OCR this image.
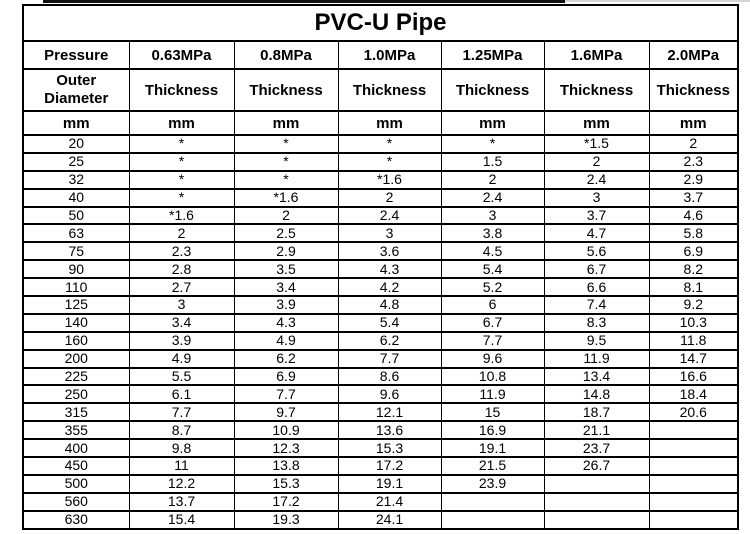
PVC-U Pipe						
Pressure	0.63MPa	0.8MPa	1.0MPa	1.25MPa	1.6MPa	2.0MPa
Outer Diameter	Thickness	Thickness	Thickness	Thickness	Thickness	Thickness
mm	mm	mm	mm	mm	mm	mm
20	*	*	*	*	*1.5	2
25	*	*	*	1.5	2	2.3
32	*	*	*1.6	2	2.4	2.9
40	*	*1.6	2	2.4	3	3.7
50	*1.6	2	2.4	3	3.7	4.6
63	2	2.5	3	3.8	4.7	5.8
75	2.3	2.9	3.6	4.5	5.6	6.9
90	2.8	3.5	4.3	5.4	6.7	8.2
110	2.7	3.4	4.2	5.2	6.6	8.1
125	3	3.9	4.8	6	7.4	9.2
140	3.4	4.3	5.4	6.7	8.3	10.3
160	3.9	4.9	6.2	7.7	9.5	11.8
200	4.9	6.2	7.7	9.6	11.9	14.7
225	5.5	6.9	8.6	10.8	13.4	16.6
250	6.1	7.7	9.6	11.9	14.8	18.4
315	7.7	9.7	12.1	15	18.7	20.6
355	8.7	10.9	13.6	16.9	21.1	
400	9.8	12.3	15.3	19.1	23.7	
450	11	13.8	17.2	21.5	26.7	
500	12.2	15.3	19.1	23.9		
560	13.7	17.2	21.4			
630	15.4	19.3	24.1			
